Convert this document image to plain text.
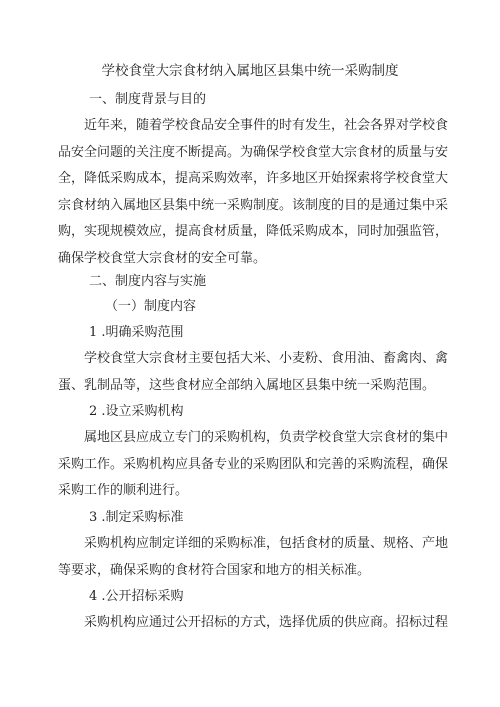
学校食堂大宗食材纳入属地区县集中统一采购制度
一、制度背景与目的
近年来，随着学校食品安全事件的时有发生，社会各界对学校食
品安全问题的关注度不断提高。为确保学校食堂大宗食材的质量与安
全，降低采购成本，提高采购效率，许多地区开始探索将学校食堂大
宗食材纳入属地区县集中统一采购制度。该制度的目的是通过集中采
购，实现规模效应，提高食材质量，降低采购成本，同时加强监管，
确保学校食堂大宗食材的安全可靠。
二、制度内容与实施
（一）制度内容
1 .明确采购范围
学校食堂大宗食材主要包括大米、小麦粉、食用油、畜禽肉、禽
蛋、乳制品等，这些食材应全部纳入属地区县集中统一采购范围。
2 .设立采购机构
属地区县应成立专门的采购机构，负责学校食堂大宗食材的集中
采购工作。采购机构应具备专业的采购团队和完善的采购流程，确保
采购工作的顺利进行。
3 .制定采购标准
采购机构应制定详细的采购标准，包括食材的质量、规格、产地
等要求，确保采购的食材符合国家和地方的相关标准。
4 .公开招标采购
采购机构应通过公开招标的方式，选择优质的供应商。招标过程
